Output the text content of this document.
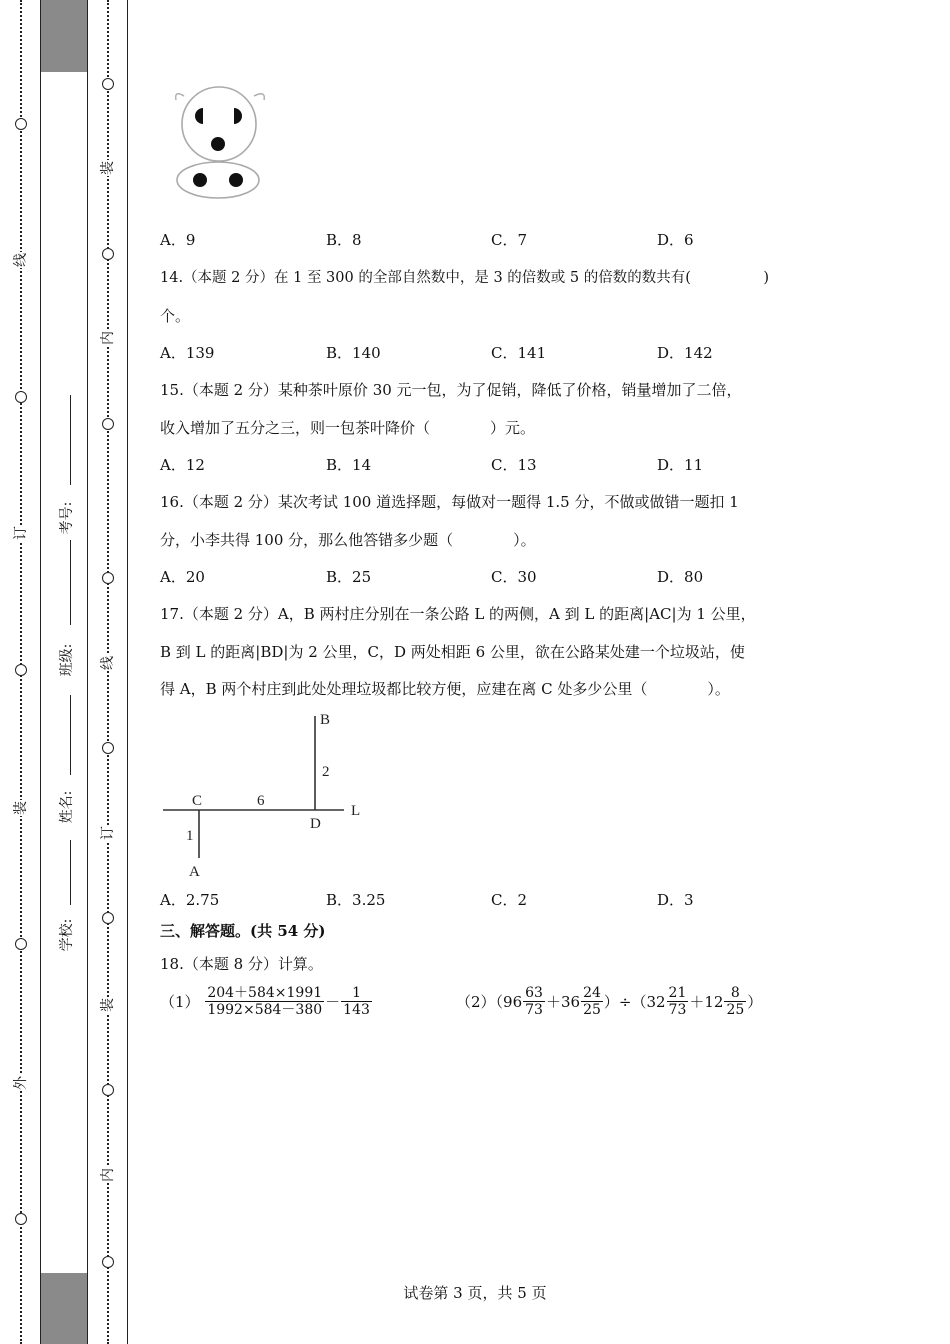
线
订
装
外
装
内
线
订
装
内
考号:
班级:
姓名:
学校:
A．9	B．8	C．7	D．6
14.（本题 2 分）在 1 至 300 的全部自然数中，是 3 的倍数或 5 的倍数的数共有(　　　　　)
个。
A．139	B．140	C．141	D．142
15.（本题 2 分）某种茶叶原价 30 元一包，为了促销，降低了价格，销量增加了二倍，
收入增加了五分之三，则一包茶叶降价（　　　　）元。
A．12	B．14	C．13	D．11
16.（本题 2 分）某次考试 100 道选择题，每做对一题得 1.5 分，不做或做错一题扣 1
分，小李共得 100 分，那么他答错多少题（　　　　）。
A．20	B．25	C．30	D．80
17.（本题 2 分）A，B 两村庄分别在一条公路 L 的两侧，A 到 L 的距离|AC|为 1 公里，
B 到 L 的距离|BD|为 2 公里，C，D 两处相距 6 公里，欲在公路某处建一个垃圾站，使
得 A，B 两个村庄到此处处理垃圾都比较方便，应建在离 C 处多少公里（　　　　）。
B
2
C	6
D
L
1
A
A．2.75	B．3.25	C．2	D．3
三、解答题。(共 54 分)
18.（本题 8 分）计算。
$(1) \frac{204+584\times 1991}{1992\times 584-380} - \frac{1}{143}$	$(2)(96 \frac{63}{73} +36 \frac{24}{25} )\div(32 \frac{21}{73} +12 \frac{8}{25}$ ）
试卷第 3 页，共 5 页
